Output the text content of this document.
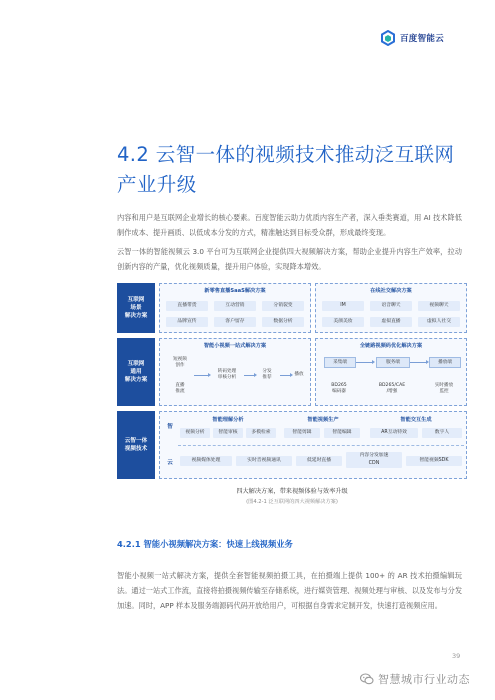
百度智能云
4.2 云智一体的视频技术推动泛互联网产业升级
内容和用户是互联网企业增长的核心要素。百度智能云助力优质内容生产者，深入垂类赛道，用 AI 技术降低制作成本、提升画质、以低成本分发的方式，精准触达到目标受众群，形成最终变现。
云智一体的智能视频云 3.0 平台可为互联网企业提供四大视频解决方案，帮助企业提升内容生产效率，拉动创新内容的产量，优化视频质量，提升用户体验，实现降本增效。
互联网
场景
解决方案
新零售直播SaaS解决方案
直播带货	互动营销	分销裂变
品牌宣传	客户留存	数据分析
在线社交解决方案
IM	语音聊天	视频聊天
美颜美妆	虚拟直播	虚拟人社交
互联网
通用
解决方案
智能小视频一站式解决方案
短视频
创作
直播
推流
转码处理
审核分析
分发
推荐
播放
全链路视频码优化解决方案
采集端	服务端	播放端
BD265
编码器
BD265/CAE
/增强
实时播放
监控
云智一体
视频技术
智
云
智能理解分析
视频分析	智能审核	多模检索
智能视频生产
智能剪辑	智能编辑
智能交互生成
AR互动特效	数字人
视频媒体处理	实时音视频通讯	低延时直播
内容分发加速
CDN	智能视频SDK
四大解决方案，带来视频体验与效率升级
(图4.2-1 泛互联网的四大视频解决方案)
4.2.1 智能小视频解决方案：快速上线视频业务
智能小视频一站式解决方案，提供全套智能视频拍摄工具，在拍摄端上提供 100+ 的 AR 技术拍摄编辑玩法。通过一站式工作流，直接将拍摄视频传输至存储系统，进行媒资管理、视频处理与审核、以及发布与分发加速。同时，APP 样本及服务端源码代码开放给用户，可根据自身需求定制开发，快速打造视频应用。
39
智慧城市行业动态
